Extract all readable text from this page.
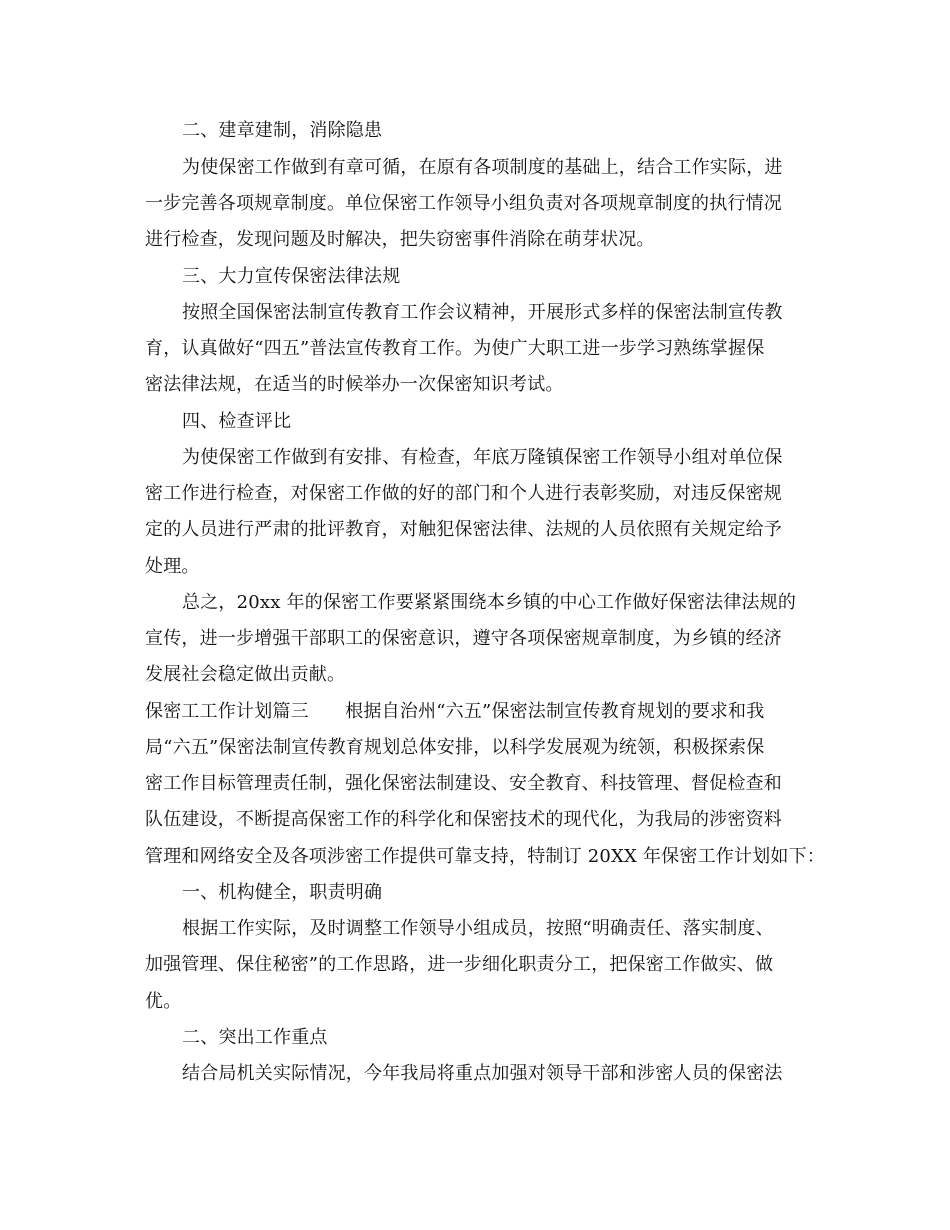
二、建章建制，消除隐患
为使保密工作做到有章可循，在原有各项制度的基础上，结合工作实际，进
一步完善各项规章制度。单位保密工作领导小组负责对各项规章制度的执行情况
进行检查，发现问题及时解决，把失窃密事件消除在萌芽状况。
三、大力宣传保密法律法规
按照全国保密法制宣传教育工作会议精神，开展形式多样的保密法制宣传教
育，认真做好“四五”普法宣传教育工作。为使广大职工进一步学习熟练掌握保
密法律法规，在适当的时候举办一次保密知识考试。
四、检查评比
为使保密工作做到有安排、有检查，年底万隆镇保密工作领导小组对单位保
密工作进行检查，对保密工作做的好的部门和个人进行表彰奖励，对违反保密规
定的人员进行严肃的批评教育，对触犯保密法律、法规的人员依照有关规定给予
处理。
总之，20xx 年的保密工作要紧紧围绕本乡镇的中心工作做好保密法律法规的
宣传，进一步增强干部职工的保密意识，遵守各项保密规章制度，为乡镇的经济
发展社会稳定做出贡献。
保密工工作计划篇三　　根据自治州“六五”保密法制宣传教育规划的要求和我
局“六五”保密法制宣传教育规划总体安排，以科学发展观为统领，积极探索保
密工作目标管理责任制，强化保密法制建设、安全教育、科技管理、督促检查和
队伍建设，不断提高保密工作的科学化和保密技术的现代化，为我局的涉密资料
管理和网络安全及各项涉密工作提供可靠支持，特制订 20XX 年保密工作计划如下：
一、机构健全，职责明确
根据工作实际，及时调整工作领导小组成员，按照“明确责任、落实制度、
加强管理、保住秘密”的工作思路，进一步细化职责分工，把保密工作做实、做
优。
二、突出工作重点
结合局机关实际情况，今年我局将重点加强对领导干部和涉密人员的保密法
